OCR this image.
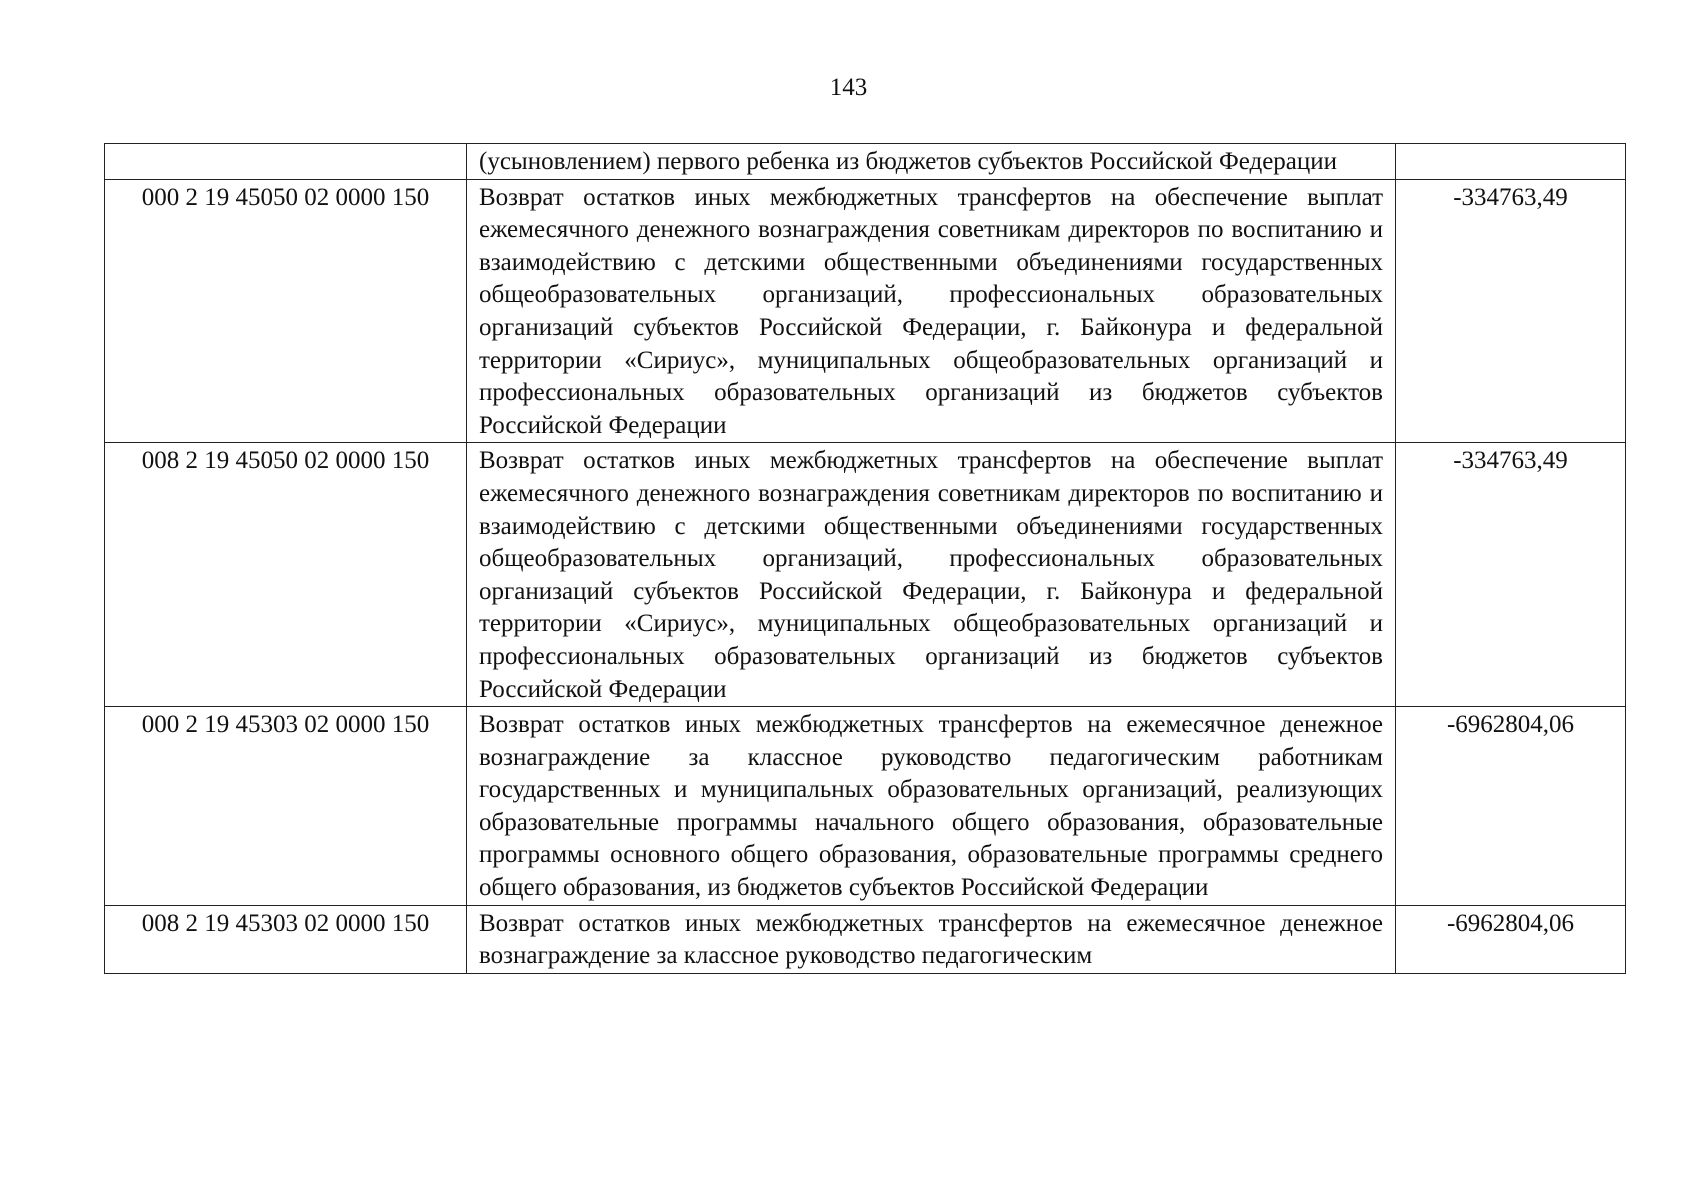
143
	(усыновлением) первого ребенка из бюджетов субъектов Российской Федерации	
000 2 19 45050 02 0000 150	Возврат остатков иных межбюджетных трансфертов на обеспечение выплат ежемесячного денежного вознаграждения советникам директоров по воспитанию и взаимодействию с детскими общественными объединениями государственных общеобразовательных организаций, профессиональных образовательных организаций субъектов Российской Федерации, г. Байконура и федеральной территории «Сириус», муниципальных общеобразовательных организаций и профессиональных образовательных организаций из бюджетов субъектов Российской Федерации	-334763,49
008 2 19 45050 02 0000 150	Возврат остатков иных межбюджетных трансфертов на обеспечение выплат ежемесячного денежного вознаграждения советникам директоров по воспитанию и взаимодействию с детскими общественными объединениями государственных общеобразовательных организаций, профессиональных образовательных организаций субъектов Российской Федерации, г. Байконура и федеральной территории «Сириус», муниципальных общеобразовательных организаций и профессиональных образовательных организаций из бюджетов субъектов Российской Федерации	-334763,49
000 2 19 45303 02 0000 150	Возврат остатков иных межбюджетных трансфертов на ежемесячное денежное вознаграждение за классное руководство педагогическим работникам государственных и муниципальных образовательных организаций, реализующих образовательные программы начального общего образования, образовательные программы основного общего образования, образовательные программы среднего общего образования, из бюджетов субъектов Российской Федерации	-6962804,06
008 2 19 45303 02 0000 150	Возврат остатков иных межбюджетных трансфертов на ежемесячное денежное вознаграждение за классное руководство педагогическим	-6962804,06
